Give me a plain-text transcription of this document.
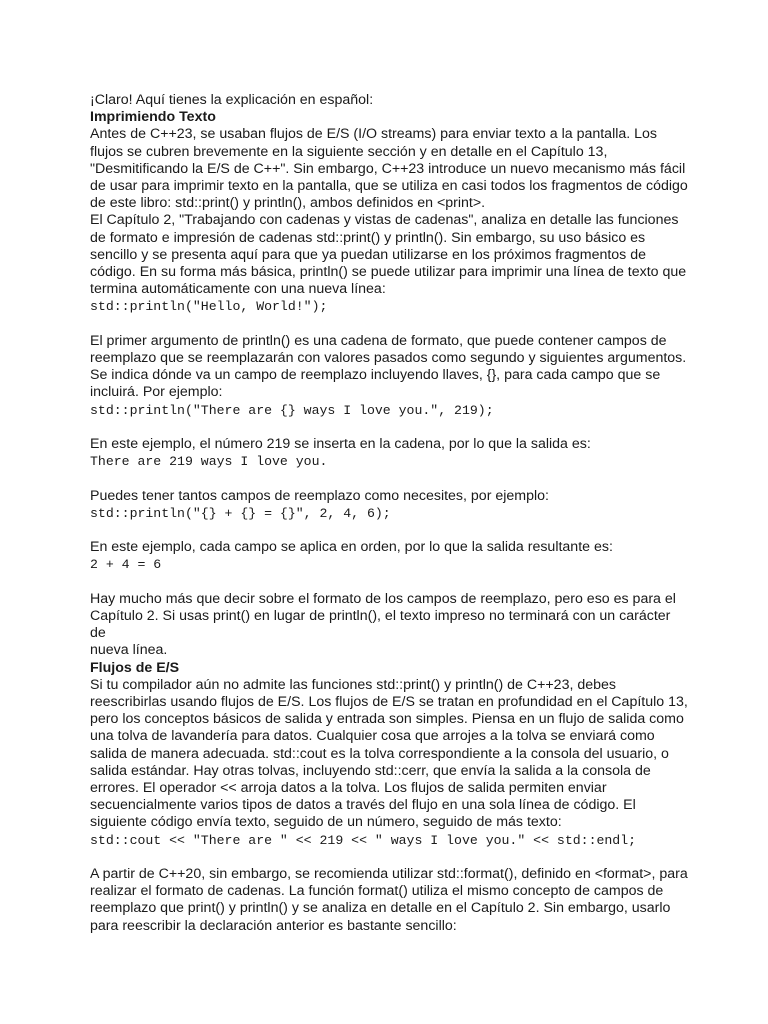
¡Claro! Aquí tienes la explicación en español:

Imprimiendo Texto

Antes de C++23, se usaban flujos de E/S (I/O streams) para enviar texto a la pantalla. Los
flujos se cubren brevemente en la siguiente sección y en detalle en el Capítulo 13,
"Desmitificando la E/S de C++". Sin embargo, C++23 introduce un nuevo mecanismo más fácil
de usar para imprimir texto en la pantalla, que se utiliza en casi todos los fragmentos de código
de este libro: std::print() y println(), ambos definidos en <print>.

El Capítulo 2, "Trabajando con cadenas y vistas de cadenas", analiza en detalle las funciones
de formato e impresión de cadenas std::print() y println(). Sin embargo, su uso básico es
sencillo y se presenta aquí para que ya puedan utilizarse en los próximos fragmentos de
código. En su forma más básica, println() se puede utilizar para imprimir una línea de texto que
termina automáticamente con una nueva línea:

std::println("Hello, World!");

El primer argumento de println() es una cadena de formato, que puede contener campos de
reemplazo que se reemplazarán con valores pasados como segundo y siguientes argumentos.
Se indica dónde va un campo de reemplazo incluyendo llaves, {}, para cada campo que se
incluirá. Por ejemplo:

std::println("There are {} ways I love you.", 219);

En este ejemplo, el número 219 se inserta en la cadena, por lo que la salida es:

There are 219 ways I love you.

Puedes tener tantos campos de reemplazo como necesites, por ejemplo:

std::println("{} + {} = {}", 2, 4, 6);

En este ejemplo, cada campo se aplica en orden, por lo que la salida resultante es:

2 + 4 = 6

Hay mucho más que decir sobre el formato de los campos de reemplazo, pero eso es para el
Capítulo 2. Si usas print() en lugar de println(), el texto impreso no terminará con un carácter de
nueva línea.

Flujos de E/S

Si tu compilador aún no admite las funciones std::print() y println() de C++23, debes
reescribirlas usando flujos de E/S. Los flujos de E/S se tratan en profundidad en el Capítulo 13,
pero los conceptos básicos de salida y entrada son simples. Piensa en un flujo de salida como
una tolva de lavandería para datos. Cualquier cosa que arrojes a la tolva se enviará como
salida de manera adecuada. std::cout es la tolva correspondiente a la consola del usuario, o
salida estándar. Hay otras tolvas, incluyendo std::cerr, que envía la salida a la consola de
errores. El operador << arroja datos a la tolva. Los flujos de salida permiten enviar
secuencialmente varios tipos de datos a través del flujo en una sola línea de código. El
siguiente código envía texto, seguido de un número, seguido de más texto:

std::cout << "There are " << 219 << " ways I love you." << std::endl;

A partir de C++20, sin embargo, se recomienda utilizar std::format(), definido en <format>, para
realizar el formato de cadenas. La función format() utiliza el mismo concepto de campos de
reemplazo que print() y println() y se analiza en detalle en el Capítulo 2. Sin embargo, usarlo
para reescribir la declaración anterior es bastante sencillo:
